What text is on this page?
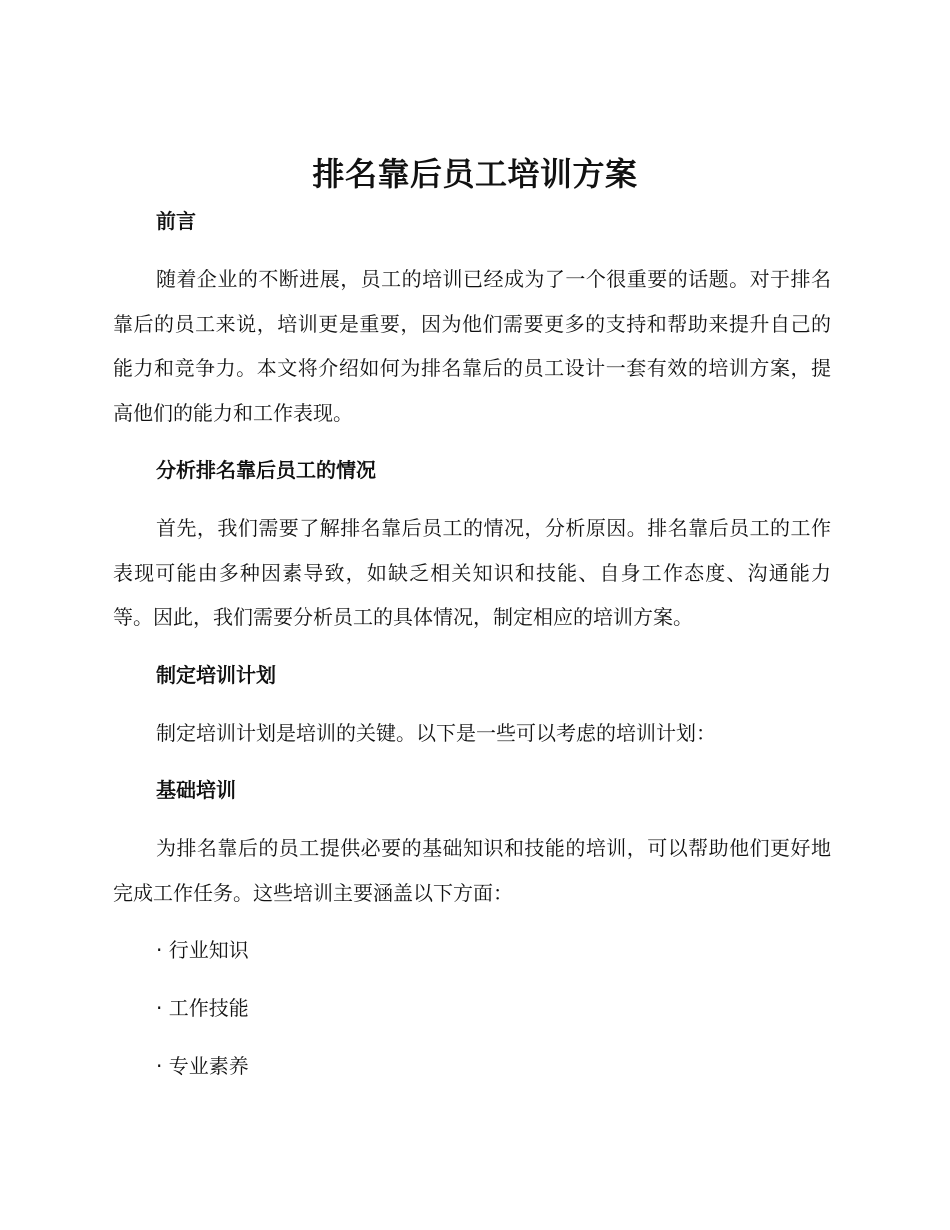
排名靠后员工培训方案
前言
随着企业的不断进展，员工的培训已经成为了一个很重要的话题。对于排名靠后的员工来说，培训更是重要，因为他们需要更多的支持和帮助来提升自己的能力和竞争力。本文将介绍如何为排名靠后的员工设计一套有效的培训方案，提高他们的能力和工作表现。
分析排名靠后员工的情况
首先，我们需要了解排名靠后员工的情况，分析原因。排名靠后员工的工作表现可能由多种因素导致，如缺乏相关知识和技能、自身工作态度、沟通能力等。因此，我们需要分析员工的具体情况，制定相应的培训方案。
制定培训计划
制定培训计划是培训的关键。以下是一些可以考虑的培训计划：
基础培训
为排名靠后的员工提供必要的基础知识和技能的培训，可以帮助他们更好地完成工作任务。这些培训主要涵盖以下方面：
· 行业知识
· 工作技能
· 专业素养
